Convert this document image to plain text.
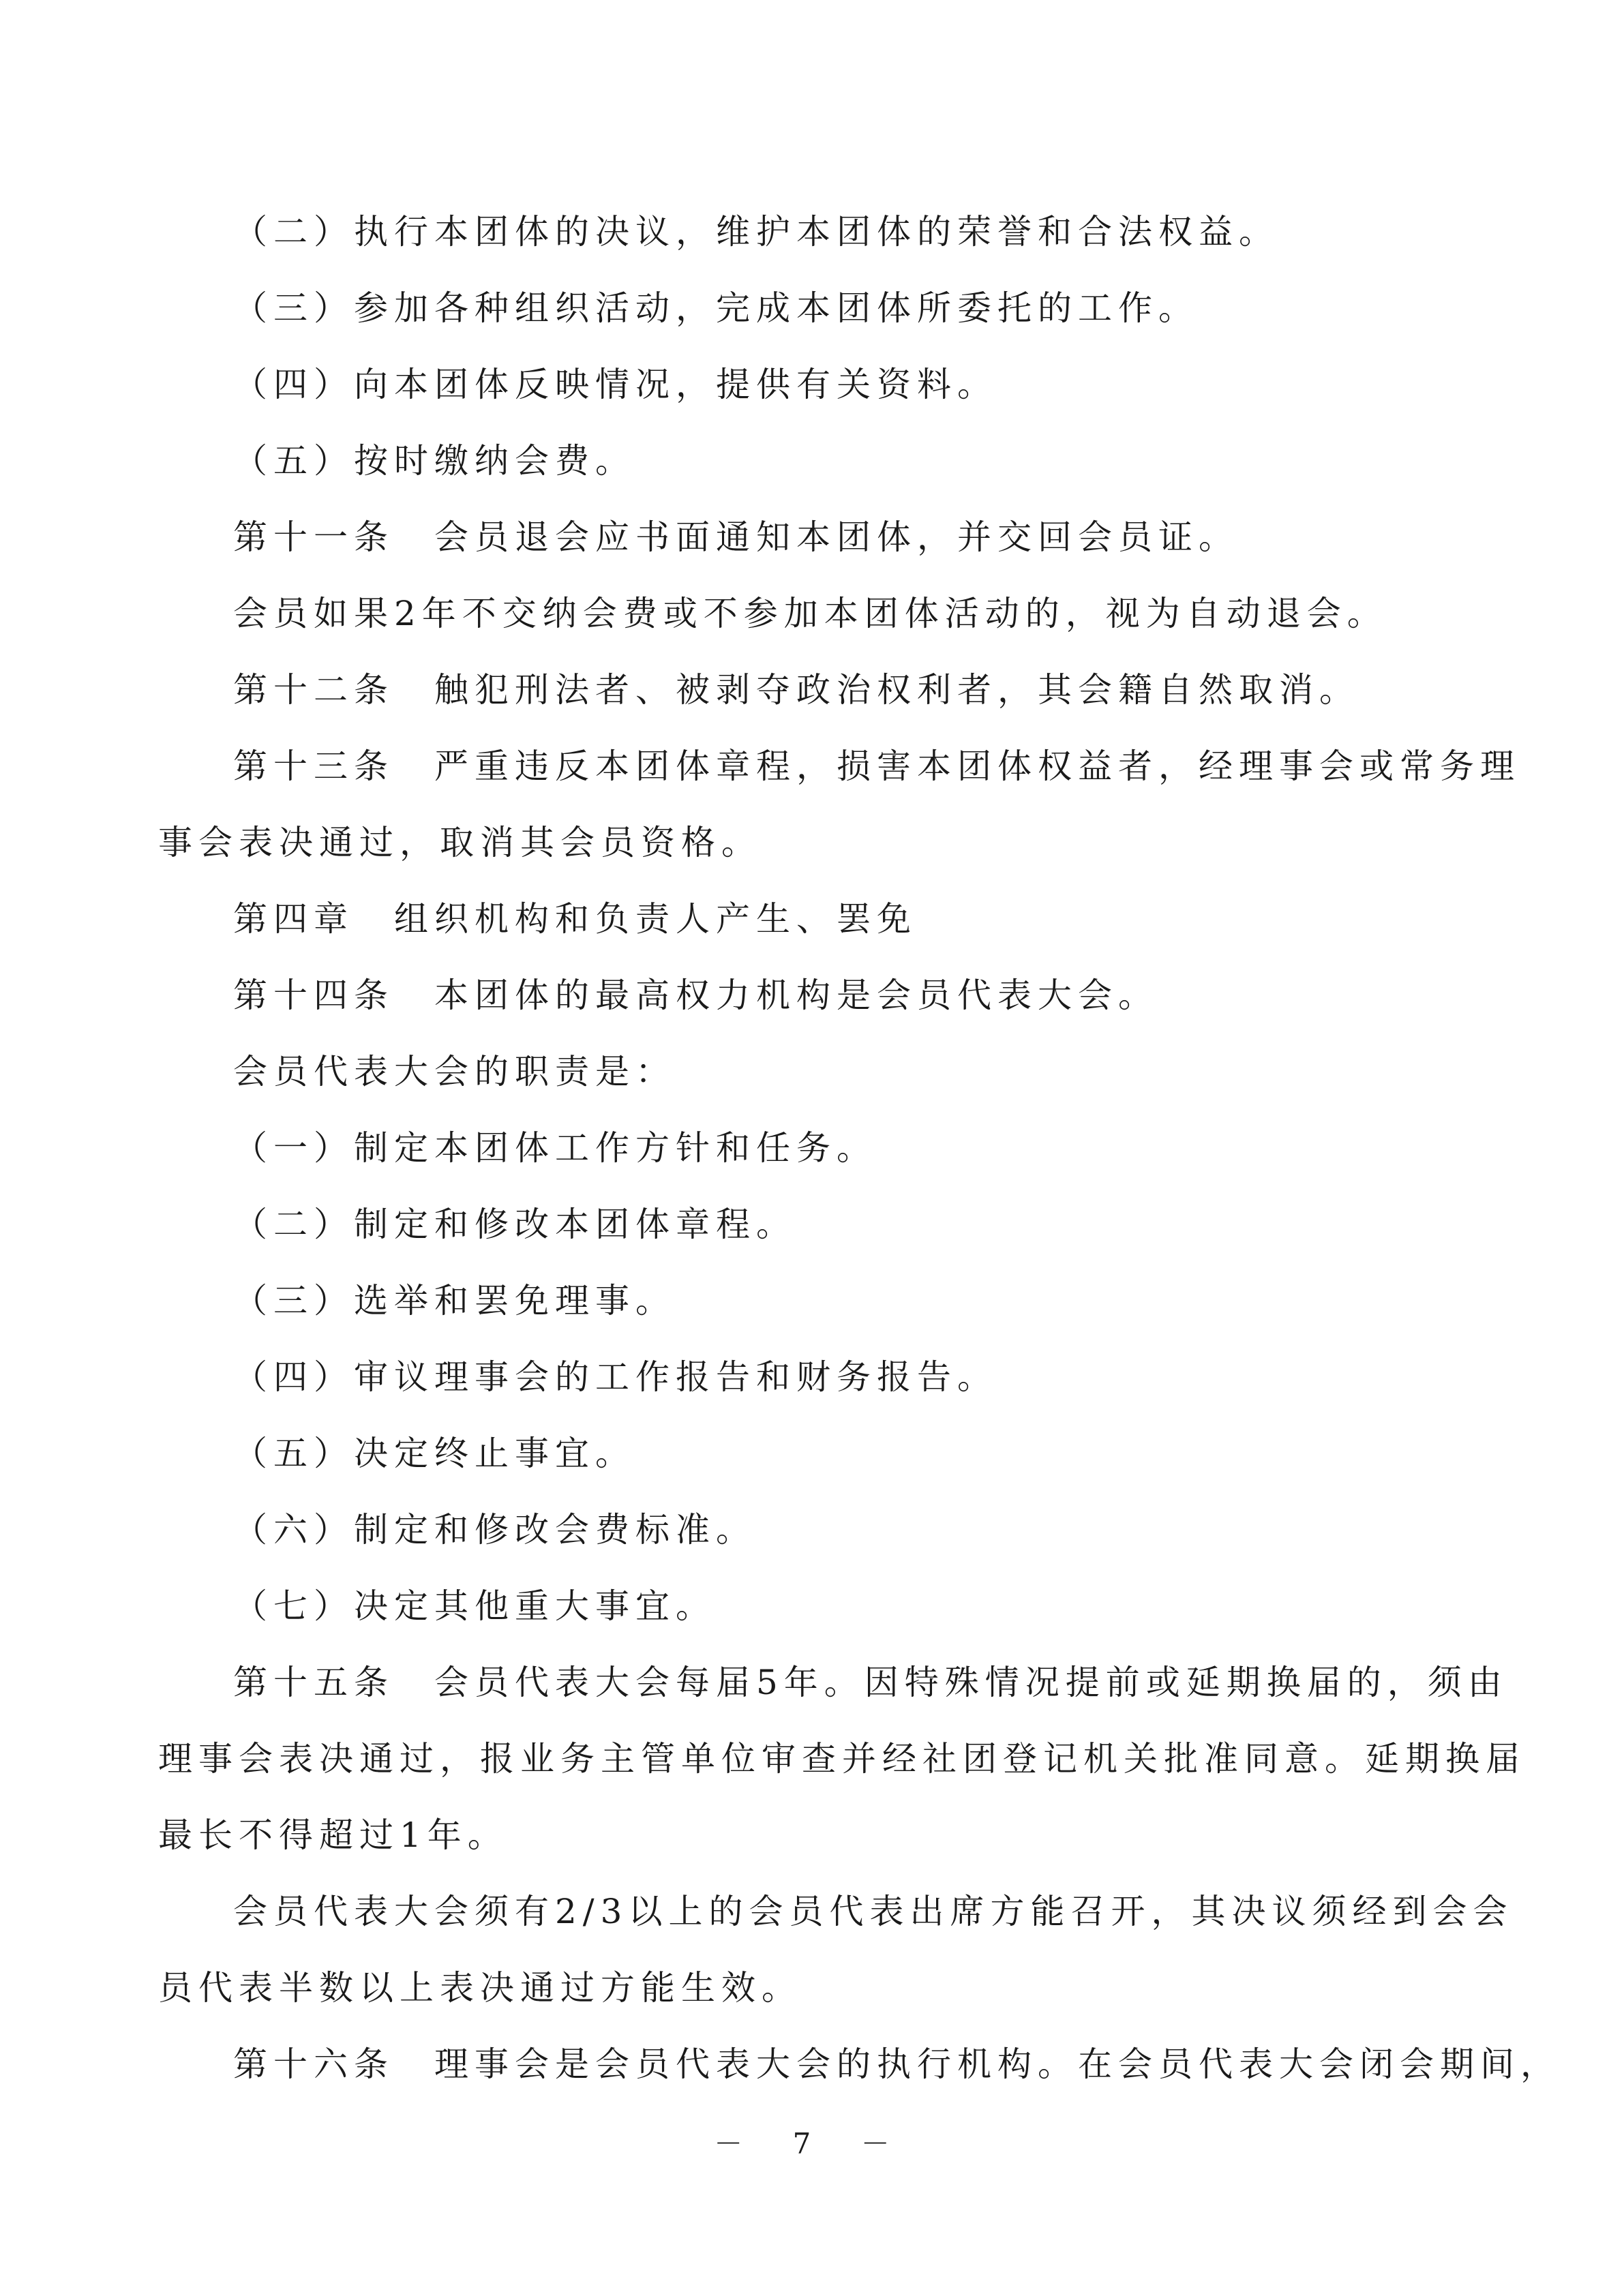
（二）执行本团体的决议，维护本团体的荣誉和合法权益。
（三）参加各种组织活动，完成本团体所委托的工作。
（四）向本团体反映情况，提供有关资料。
（五）按时缴纳会费。
第十一条　会员退会应书面通知本团体，并交回会员证。
会员如果2年不交纳会费或不参加本团体活动的，视为自动退会。
第十二条　触犯刑法者、被剥夺政治权利者，其会籍自然取消。
第十三条　严重违反本团体章程，损害本团体权益者，经理事会或常务理
事会表决通过，取消其会员资格。
第四章　组织机构和负责人产生、罢免
第十四条　本团体的最高权力机构是会员代表大会。
会员代表大会的职责是：
（一）制定本团体工作方针和任务。
（二）制定和修改本团体章程。
（三）选举和罢免理事。
（四）审议理事会的工作报告和财务报告。
（五）决定终止事宜。
（六）制定和修改会费标准。
（七）决定其他重大事宜。
第十五条　会员代表大会每届5年。因特殊情况提前或延期换届的，须由
理事会表决通过，报业务主管单位审查并经社团登记机关批准同意。延期换届
最长不得超过1年。
会员代表大会须有2/3以上的会员代表出席方能召开，其决议须经到会会
员代表半数以上表决通过方能生效。
第十六条　理事会是会员代表大会的执行机构。在会员代表大会闭会期间，
－ 7 －
